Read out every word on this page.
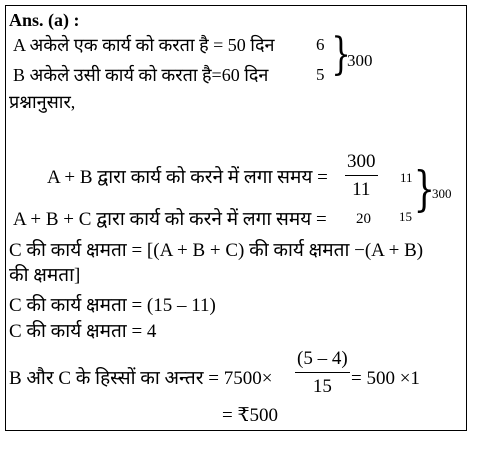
Ans. (a) :
A अकेले एक कार्य को करता है = 50 दिन 6
B अकेले उसी कार्य को करता है=60 दिन	5 }
300
प्रश्नानुसार,
A + B द्वारा कार्य को करने में लगा समय =
300
11
11
A + B + C द्वारा कार्य को करने में लगा समय = 20 15 }
300
C की कार्य क्षमता = [(A + B + C) की कार्य क्षमता −(A + B)
की क्षमता]
C की कार्य क्षमता = (15 – 11)
C की कार्य क्षमता = 4
B और C के हिस्सों का अन्तर = 7500×
(5 – 4)
15 = 500 ×1
= ₹500
